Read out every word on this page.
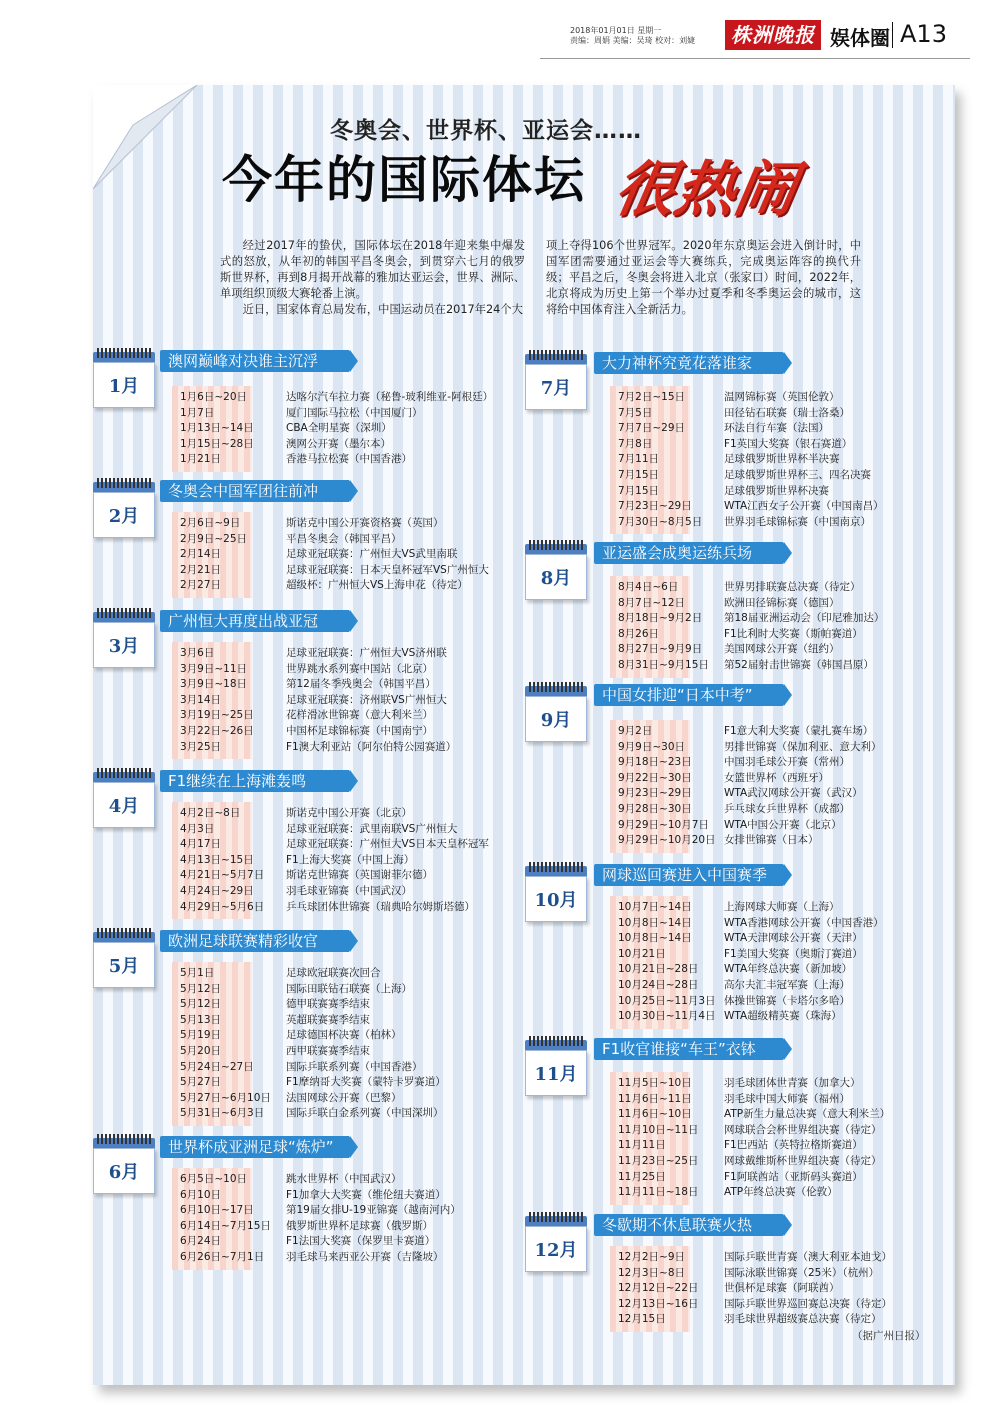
2018年01月01日 星期一
责编：周娟 美编：吴琦 校对：刘婕	株洲晚报 娱体圈 A13
冬奥会、世界杯、亚运会……
今年的国际体坛 很热闹

经过2017年的蛰伏，国际体坛在2018年迎来集中爆发式的怒放，从年初的韩国平昌冬奥会，到贯穿六七月的俄罗斯世界杯，再到8月揭开战幕的雅加达亚运会，世界、洲际、单项组织顶级大赛轮番上演。

近日，国家体育总局发布，中国运动员在2017年24个大

项上夺得106个世界冠军。2020年东京奥运会进入倒计时，中国军团需要通过亚运会等大赛练兵，完成奥运阵容的换代升级；平昌之后，冬奥会将进入北京（张家口）时间，2022年，北京将成为历史上第一个举办过夏季和冬季奥运会的城市，这将给中国体育注入全新活力。

1月
澳网巅峰对决谁主沉浮
1月6日~20日	达喀尔汽车拉力赛（秘鲁-玻利维亚-阿根廷）
1月7日	厦门国际马拉松（中国厦门）
1月13日~14日	CBA全明星赛（深圳）
1月15日~28日	澳网公开赛（墨尔本）
1月21日	香港马拉松赛（中国香港）
2月
冬奥会中国军团往前冲
2月6日~9日	斯诺克中国公开赛资格赛（英国）
2月9日~25日	平昌冬奥会（韩国平昌）
2月14日	足球亚冠联赛：广州恒大VS武里南联
2月21日	足球亚冠联赛：日本天皇杯冠军VS广州恒大
2月27日	超级杯：广州恒大VS上海申花（待定）
3月
广州恒大再度出战亚冠
3月6日	足球亚冠联赛：广州恒大VS济州联
3月9日~11日	世界跳水系列赛中国站（北京）
3月9日~18日	第12届冬季残奥会（韩国平昌）
3月14日	足球亚冠联赛：济州联VS广州恒大
3月19日~25日	花样滑冰世锦赛（意大利米兰）
3月22日~26日	中国杯足球锦标赛（中国南宁）
3月25日	F1澳大利亚站（阿尔伯特公园赛道）
4月
F1继续在上海滩轰鸣
4月2日~8日	斯诺克中国公开赛（北京）
4月3日	足球亚冠联赛：武里南联VS广州恒大
4月17日	足球亚冠联赛：广州恒大VS日本天皇杯冠军
4月13日~15日	F1上海大奖赛（中国上海）
4月21日~5月7日 斯诺克世锦赛（英国谢菲尔德）
4月24日~29日	羽毛球亚锦赛（中国武汉）
4月29日~5月6日 乒乓球团体世锦赛（瑞典哈尔姆斯塔德）
5月
欧洲足球联赛精彩收官
5月1日	足球欧冠联赛次回合
5月12日	国际田联钻石联赛（上海）
5月12日	德甲联赛赛季结束
5月13日	英超联赛赛季结束
5月19日	足球德国杯决赛（柏林）
5月20日	西甲联赛赛季结束
5月24日~27日	国际乒联系列赛（中国香港）
5月27日	F1摩纳哥大奖赛（蒙特卡罗赛道）
5月27日~6月10日 法国网球公开赛（巴黎）
5月31日~6月3日 国际乒联白金系列赛（中国深圳）
6月
世界杯成亚洲足球“炼炉”
6月5日~10日	跳水世界杯（中国武汉）
6月10日	F1加拿大大奖赛（维伦纽夫赛道）
6月10日~17日	第19届女排U-19亚锦赛（越南河内）
6月14日~7月15日 俄罗斯世界杯足球赛（俄罗斯）
6月24日	F1法国大奖赛（保罗里卡赛道）
6月26日~7月1日 羽毛球马来西亚公开赛（吉隆坡）
7月
大力神杯究竟花落谁家
7月2日~15日	温网锦标赛（英国伦敦）
7月5日	田径钻石联赛（瑞士洛桑）
7月7日~29日	环法自行车赛（法国）
7月8日	F1英国大奖赛（银石赛道）
7月11日	足球俄罗斯世界杯半决赛
7月15日	足球俄罗斯世界杯三、四名决赛
7月15日	足球俄罗斯世界杯决赛
7月23日~29日	WTA江西女子公开赛（中国南昌）
7月30日~8月5日 世界羽毛球锦标赛（中国南京）
8月
亚运盛会成奥运练兵场
8月4日~6日	世界男排联赛总决赛（待定）
8月7日~12日	欧洲田径锦标赛（德国）
8月18日~9月2日 第18届亚洲运动会（印尼雅加达）
8月26日	F1比利时大奖赛（斯帕赛道）
8月27日~9月9日 美国网球公开赛（纽约）
8月31日~9月15日 第52届射击世锦赛（韩国昌原）
9月
中国女排迎“日本中考”
9月2日	F1意大利大奖赛（蒙扎赛车场）
9月9日~30日	男排世锦赛（保加利亚、意大利）
9月18日~23日	中国羽毛球公开赛（常州）
9月22日~30日	女篮世界杯（西班牙）
9月23日~29日	WTA武汉网球公开赛（武汉）
9月28日~30日	乒乓球女乒世界杯（成都）
9月29日~10月7日 WTA中国公开赛（北京）
9月29日~10月20日 女排世锦赛（日本）
10月
网球巡回赛进入中国赛季
10月7日~14日	上海网球大师赛（上海）
10月8日~14日	WTA香港网球公开赛（中国香港）
10月8日~14日	WTA天津网球公开赛（天津）
10月21日	F1美国大奖赛（奥斯汀赛道）
10月21日~28日 WTA年终总决赛（新加坡）
10月24日~28日 高尔夫汇丰冠军赛（上海）
10月25日~11月3日 体操世锦赛（卡塔尔多哈）
10月30日~11月4日 WTA超级精英赛（珠海）
11月
F1收官谁接“车王”衣钵
11月5日~10日	羽毛球团体世青赛（加拿大）
11月6日~11日	羽毛球中国大师赛（福州）
11月6日~10日	ATP新生力量总决赛（意大利米兰）
11月10日~11日 网球联合会杯世界组决赛（待定）
11月11日	F1巴西站（英特拉格斯赛道）
11月23日~25日 网球戴维斯杯世界组决赛（待定）
11月25日	F1阿联酋站（亚斯码头赛道）
11月11日~18日 ATP年终总决赛（伦敦）
12月
冬歇期不休息联赛火热
12月2日~9日	国际乒联世青赛（澳大利亚本迪戈）
12月3日~8日	国际泳联世锦赛（25米）（杭州）
12月12日~22日 世俱杯足球赛（阿联酋）
12月13日~16日 国际乒联世界巡回赛总决赛（待定）
12月15日	羽毛球世界超级赛总决赛（待定）
（据广州日报）
